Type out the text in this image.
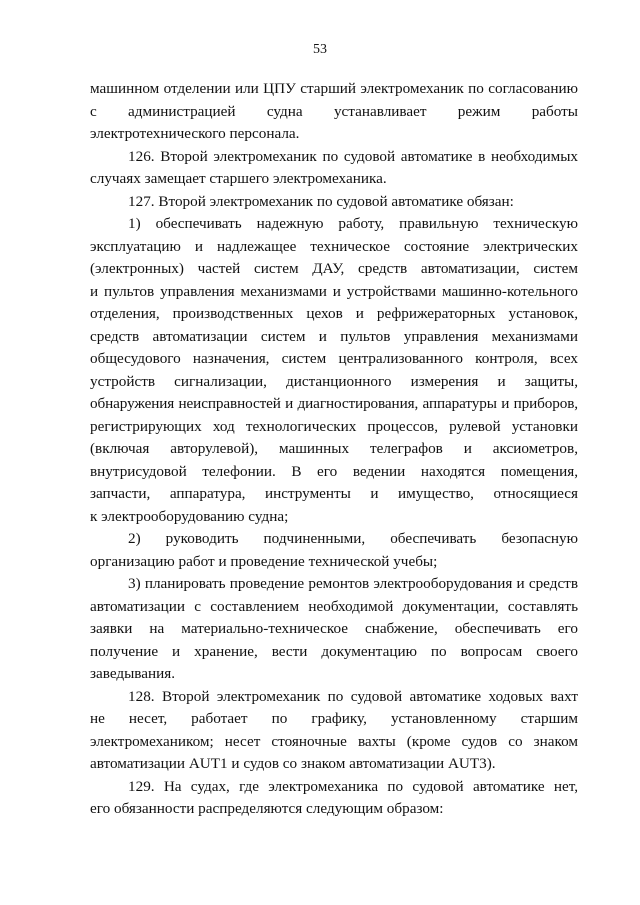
53
машинном отделении или ЦПУ старший электромеханик по согласованию
с администрацией судна устанавливает режим работы
электротехнического персонала.
126. Второй электромеханик по судовой автоматике в необходимых
случаях замещает старшего электромеханика.
127. Второй электромеханик по судовой автоматике обязан:
1) обеспечивать надежную работу, правильную техническую
эксплуатацию и надлежащее техническое состояние электрических
(электронных) частей систем ДАУ, средств автоматизации, систем
и пультов управления механизмами и устройствами машинно-котельного
отделения, производственных цехов и рефрижераторных установок,
средств автоматизации систем и пультов управления механизмами
общесудового назначения, систем централизованного контроля, всех
устройств сигнализации, дистанционного измерения и защиты,
обнаружения неисправностей и диагностирования, аппаратуры и приборов,
регистрирующих ход технологических процессов, рулевой установки
(включая авторулевой), машинных телеграфов и аксиометров,
внутрисудовой телефонии. В его ведении находятся помещения,
запчасти, аппаратура, инструменты и имущество, относящиеся
к электрооборудованию судна;
2) руководить подчиненными, обеспечивать безопасную
организацию работ и проведение технической учебы;
3) планировать проведение ремонтов электрооборудования и средств
автоматизации с составлением необходимой документации, составлять
заявки на материально-техническое снабжение, обеспечивать его
получение и хранение, вести документацию по вопросам своего
заведывания.
128. Второй электромеханик по судовой автоматике ходовых вахт
не несет, работает по графику, установленному старшим
электромехаником; несет стояночные вахты (кроме судов со знаком
автоматизации AUT1 и судов со знаком автоматизации AUT3).
129. На судах, где электромеханика по судовой автоматике нет,
его обязанности распределяются следующим образом:
